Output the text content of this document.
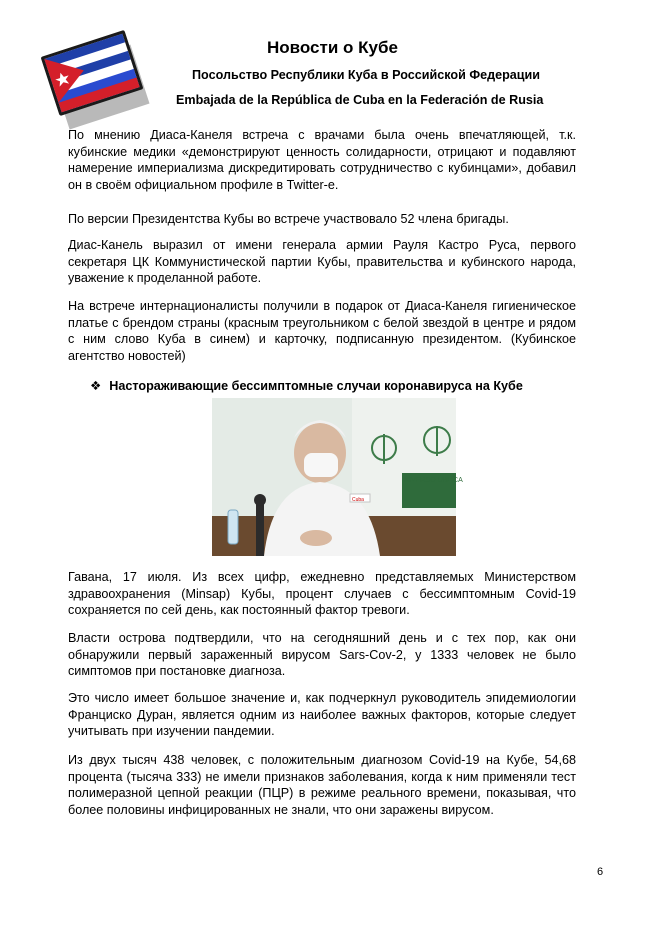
Новости о Кубе
Посольство Республики Куба в Российской Федерации
Embajada de la República de Cuba en la Federación de Rusia

По мнению Диаса-Канеля встреча с врачами была очень впечатляющей, т.к. кубинские медики «демонстрируют ценность солидарности, отрицают и подавляют намерение империализма дискредитировать сотрудничество с кубинцами», добавил он в своём официальном профиле в Twitter-е.

По версии Президентства Кубы во встрече участвовало 52 члена бригады.

Диас-Канель выразил от имени генерала армии Рауля Кастро Руса, первого секретаря ЦК Коммунистической партии Кубы, правительства и кубинского народа, уважение к проделанной работе.

На встрече интернационалисты получили в подарок от Диаса-Канеля гигиеническое платье с брендом страны (красным треугольником с белой звездой в центре и рядом с ним слово Куба в синем) и карточку, подписанную президентом. (Кубинское агентство новостей)

❖ Настораживающие бессимптомные случаи коронавируса на Кубе
NIVERSO ÚBLICA
Cuba

Гавана, 17 июля. Из всех цифр, ежедневно представляемых Министерством здравоохранения (Minsap) Кубы, процент случаев с бессимптомным Covid-19 сохраняется по сей день, как постоянный фактор тревоги.

Власти острова подтвердили, что на сегодняшний день и с тех пор, как они обнаружили первый зараженный вирусом Sars-Cov-2, у 1333 человек не было симптомов при постановке диагноза.

Это число имеет большое значение и, как подчеркнул руководитель эпидемиологии Франциско Дуран, является одним из наиболее важных факторов, которые следует учитывать при изучении пандемии.

Из двух тысяч 438 человек, с положительным диагнозом Covid-19 на Кубе, 54,68 процента (тысяча 333) не имели признаков заболевания, когда к ним применяли тест полимеразной цепной реакции (ПЦР) в режиме реального времени, показывая, что более половины инфицированных не знали, что они заражены вирусом.

6
